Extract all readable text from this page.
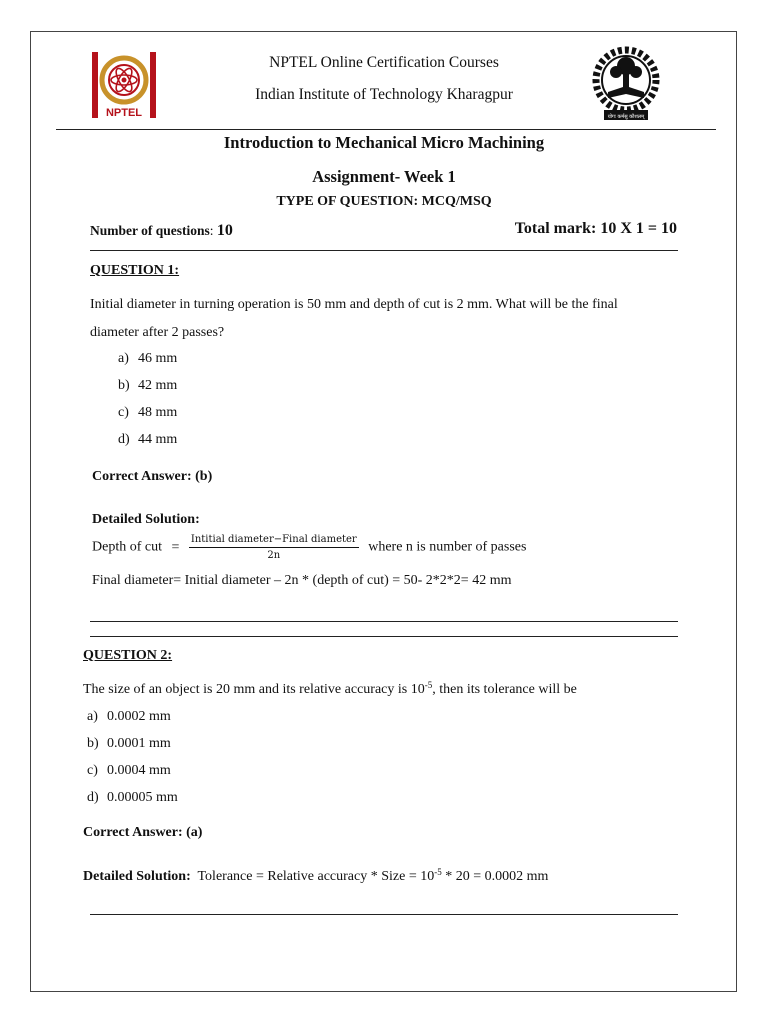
NPTEL
NPTEL Online Certification Courses
Indian Institute of Technology Kharagpur
योगः कर्मसु कौशलम्
Introduction to Mechanical Micro Machining
Assignment- Week 1
TYPE OF QUESTION: MCQ/MSQ
Number of questions: 10	Total mark: 10 X 1 = 10
QUESTION 1:
Initial diameter in turning operation is 50 mm and depth of cut is 2 mm. What will be the final
diameter after 2 passes?
a) 46 mm
b) 42 mm
c) 48 mm
d) 44 mm
Correct Answer: (b)
Detailed Solution:
Depth of cut = $\frac{\text{Intitial diameter−Final diameter}}{2n}$ where n is number of passes
Final diameter= Initial diameter – 2n * (depth of cut) = 50- 2*2*2= 42 mm
QUESTION 2:
The size of an object is 20 mm and its relative accuracy is $10^{-5}$, then its tolerance will be
a) 0.0002 mm
b) 0.0001 mm
c) 0.0004 mm
d) 0.00005 mm
Correct Answer: (a)
Detailed Solution:  Tolerance = Relative accuracy * Size = $10^{-5} * 20 = 0.0002$ mm
